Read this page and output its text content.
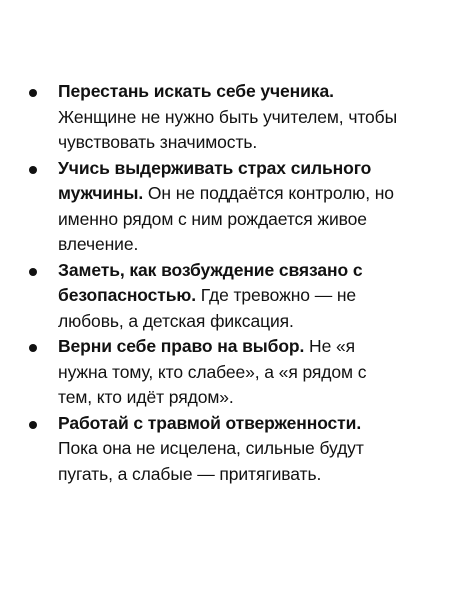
Перестань искать себе ученика.
Женщине не нужно быть учителем, чтобы
чувствовать значимость.
Учись выдерживать страх сильного
мужчины. Он не поддаётся контролю, но
именно рядом с ним рождается живое
влечение.
Заметь, как возбуждение связано с
безопасностью. Где тревожно — не
любовь, а детская фиксация.
Верни себе право на выбор. Не «я
нужна тому, кто слабее», а «я рядом с
тем, кто идёт рядом».
Работай с травмой отверженности.
Пока она не исцелена, сильные будут
пугать, а слабые — притягивать.
